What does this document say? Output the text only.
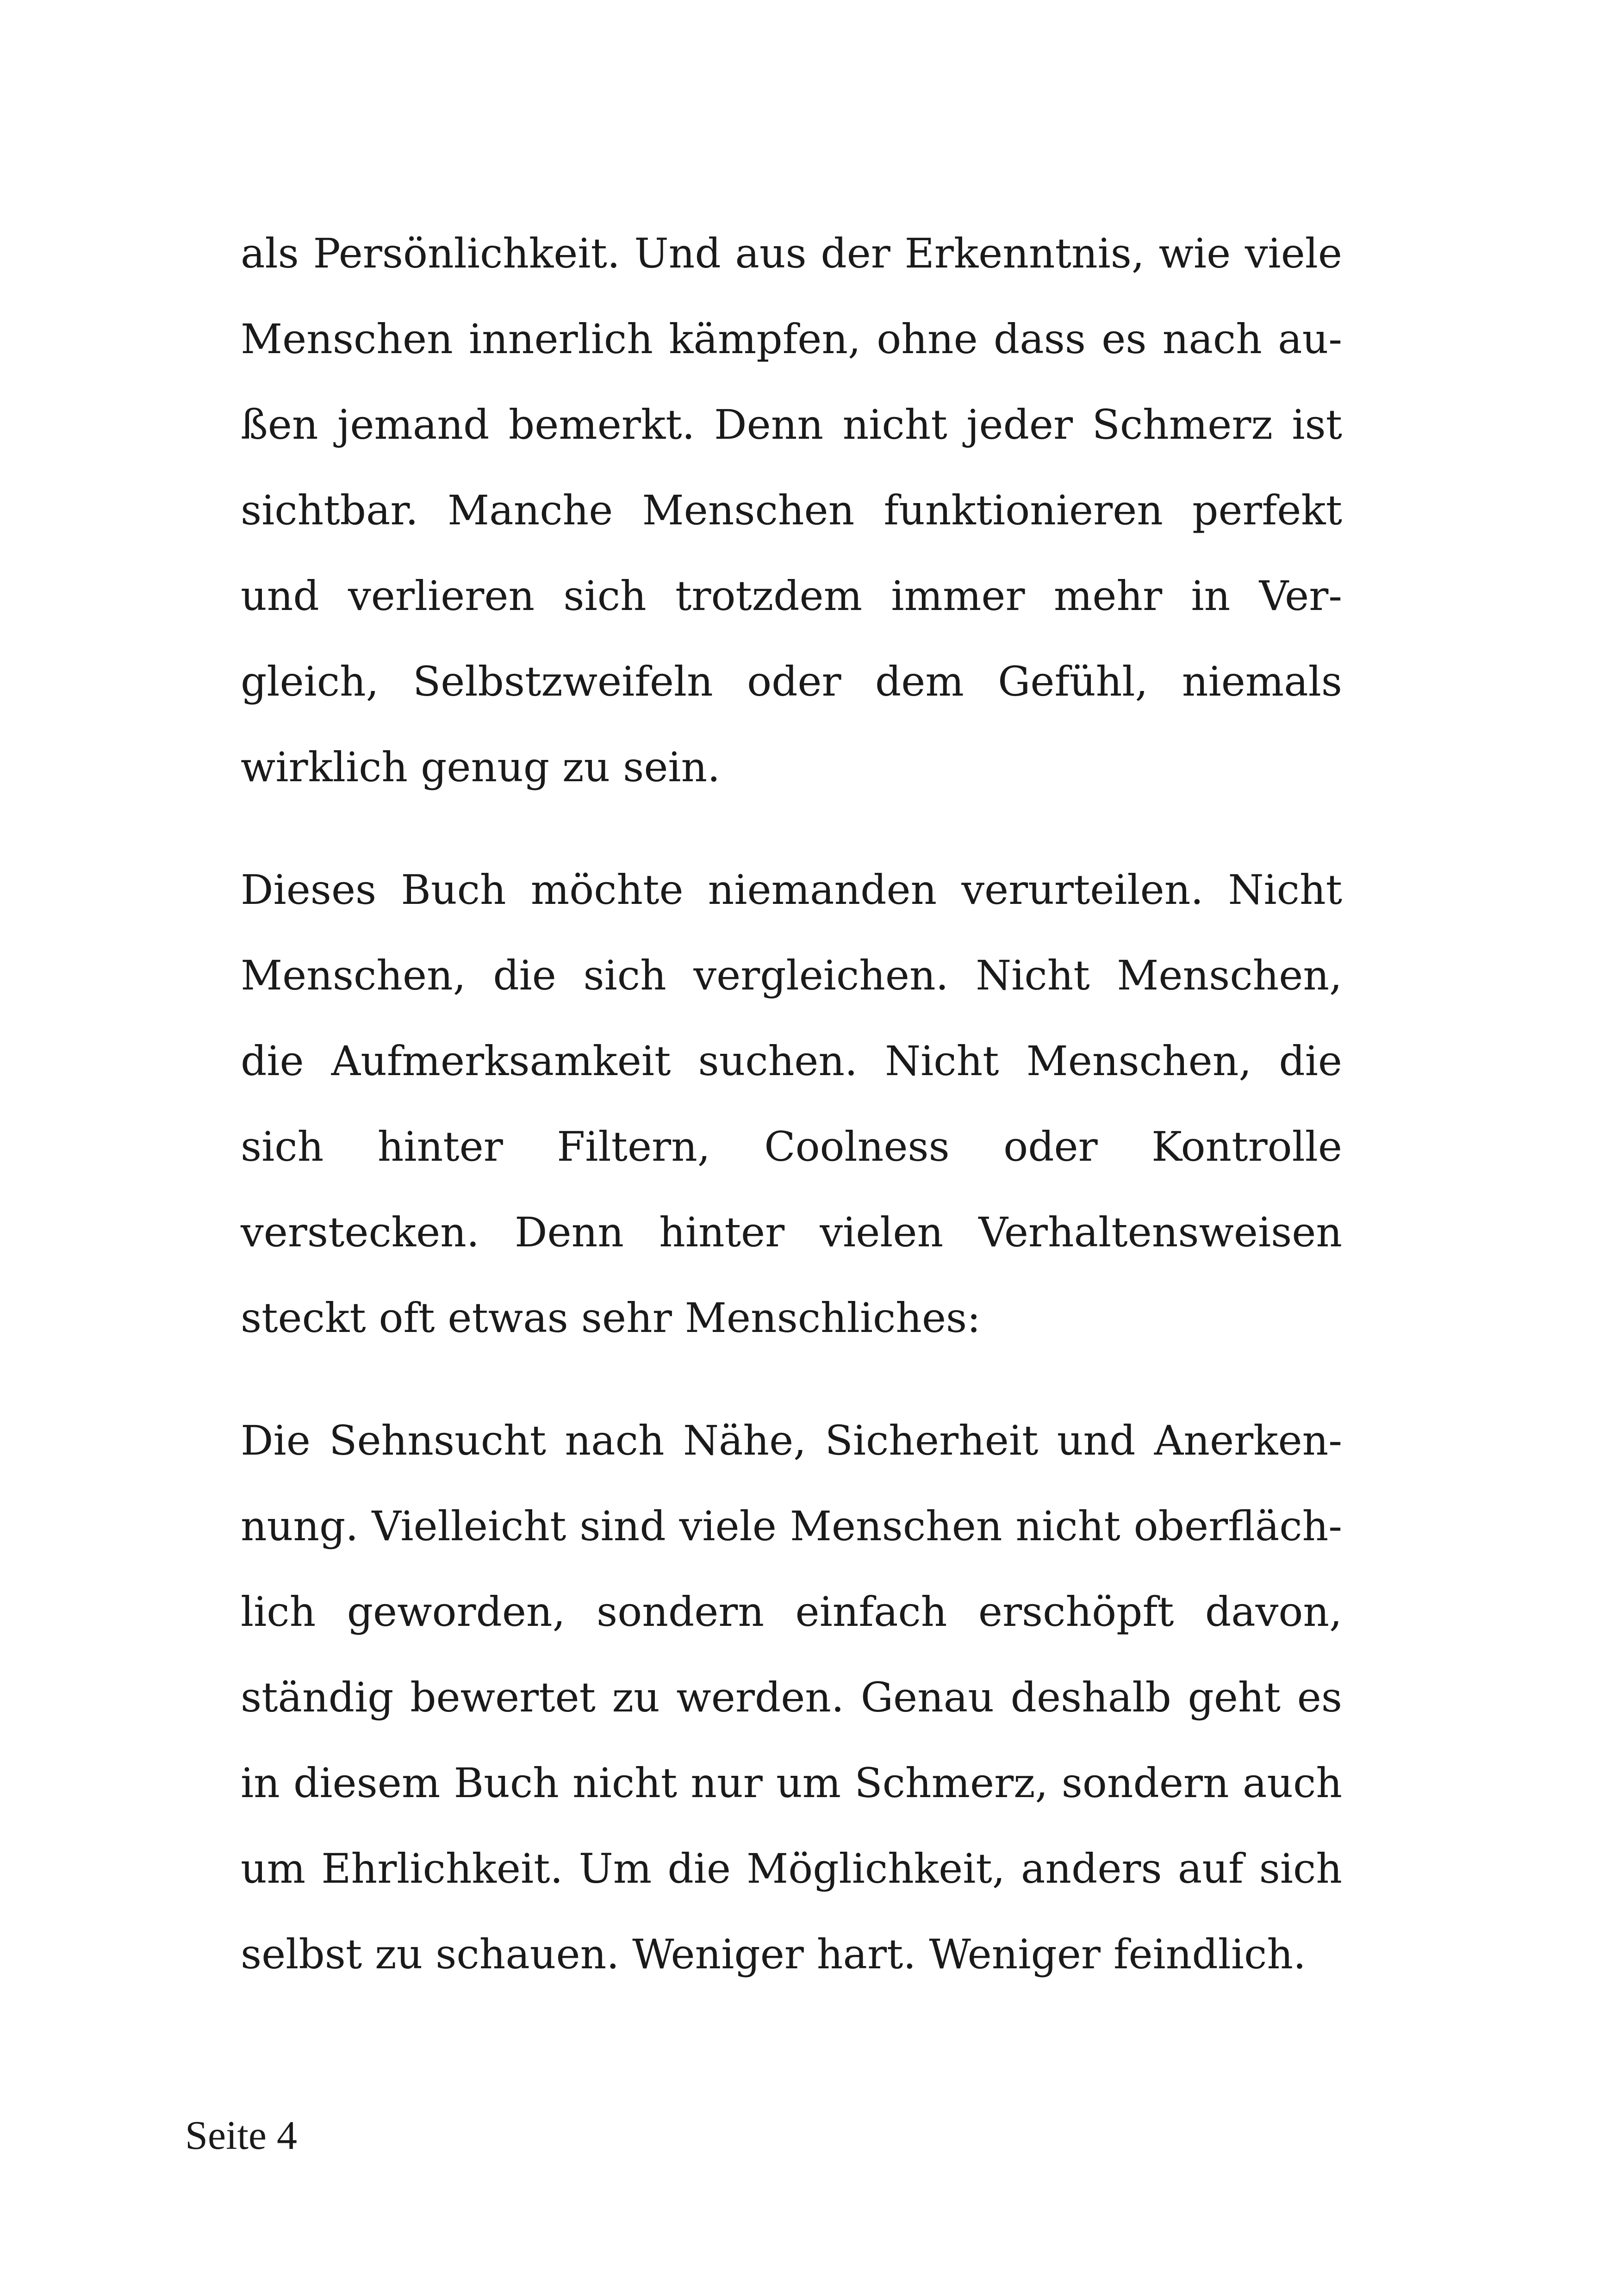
als Persönlichkeit. Und aus der Erkenntnis, wie viele Menschen innerlich kämpfen, ohne dass es nach außen jemand bemerkt. Denn nicht jeder Schmerz ist sichtbar. Manche Menschen funktionieren perfekt und verlieren sich trotzdem immer mehr in Vergleich, Selbstzweifeln oder dem Gefühl, niemals wirklich genug zu sein.

Dieses Buch möchte niemanden verurteilen. Nicht Menschen, die sich vergleichen. Nicht Menschen, die Aufmerksamkeit suchen. Nicht Menschen, die sich hinter Filtern, Coolness oder Kontrolle verstecken. Denn hinter vielen Verhaltensweisen steckt oft etwas sehr Menschliches:

Die Sehnsucht nach Nähe, Sicherheit und Anerkennung. Vielleicht sind viele Menschen nicht oberflächlich geworden, sondern einfach erschöpft davon, ständig bewertet zu werden. Genau deshalb geht es in diesem Buch nicht nur um Schmerz, sondern auch um Ehrlichkeit. Um die Möglichkeit, anders auf sich selbst zu schauen. Weniger hart. Weniger feindlich.

Seite 4
